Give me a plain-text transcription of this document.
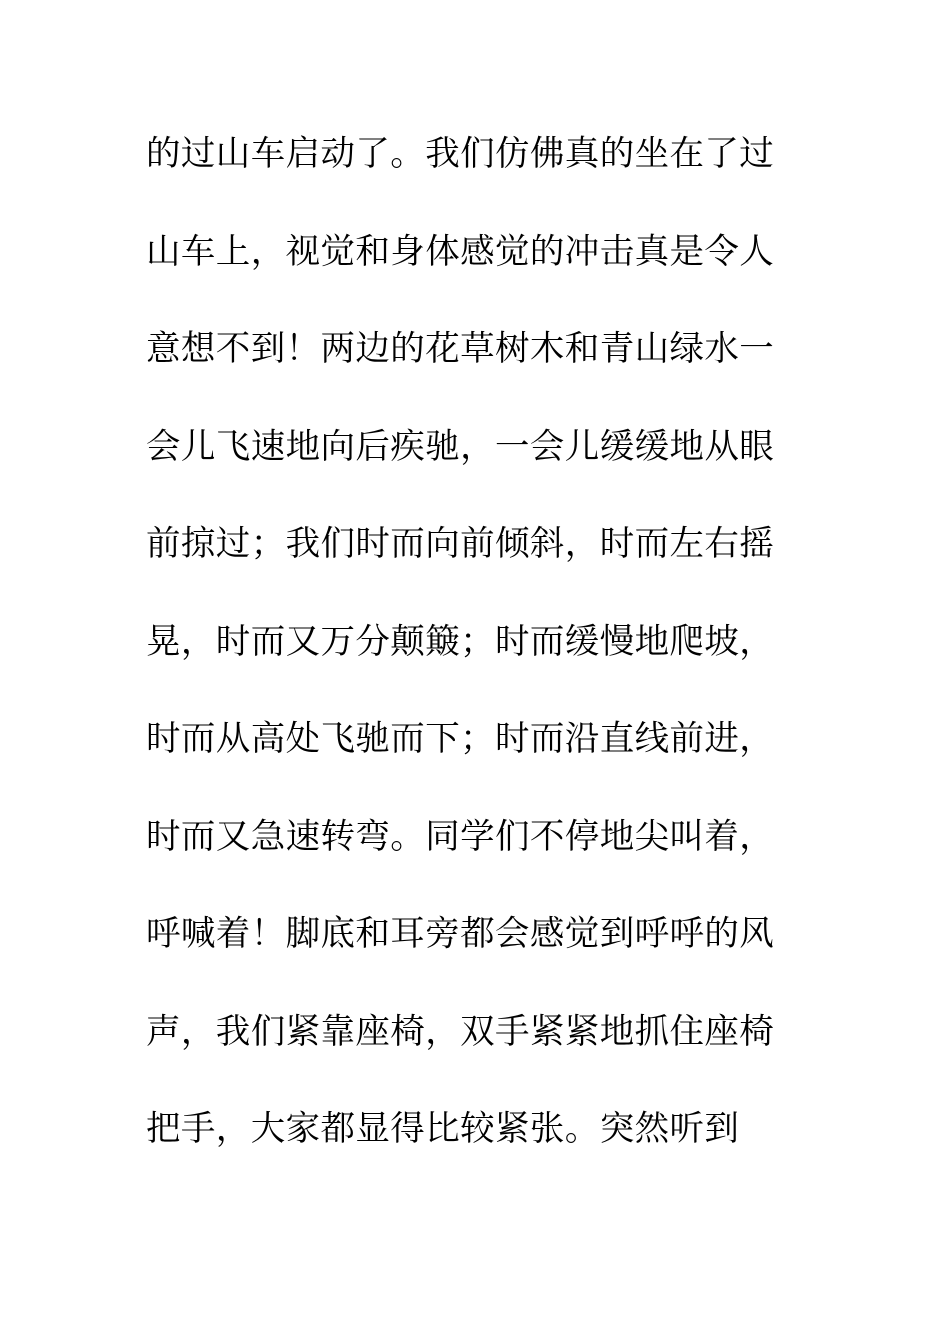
的过山车启动了。我们仿佛真的坐在了过
山车上，视觉和身体感觉的冲击真是令人
意想不到！两边的花草树木和青山绿水一
会儿飞速地向后疾驰，一会儿缓缓地从眼
前掠过；我们时而向前倾斜，时而左右摇
晃，时而又万分颠簸；时而缓慢地爬坡，
时而从高处飞驰而下；时而沿直线前进，
时而又急速转弯。同学们不停地尖叫着，
呼喊着！脚底和耳旁都会感觉到呼呼的风
声，我们紧靠座椅，双手紧紧地抓住座椅
把手，大家都显得比较紧张。突然听到
